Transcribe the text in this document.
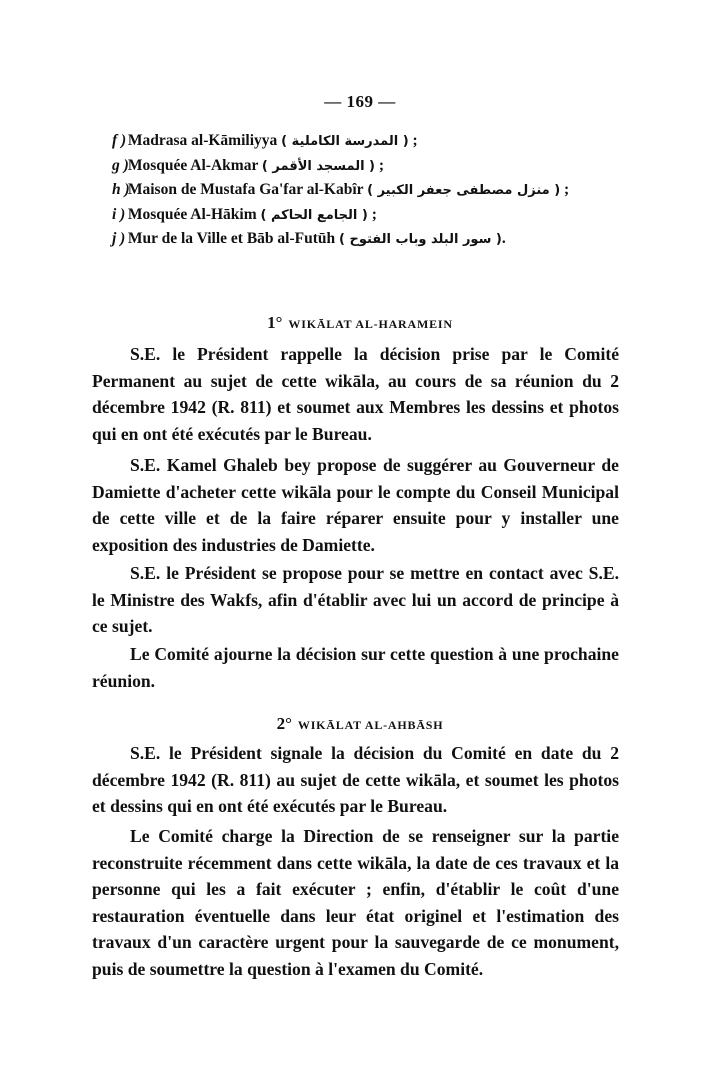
— 169 —
f ) Madrasa al-Kāmiliyya ( المدرسة الكاملية ) ;
g ) Mosquée Al-Akmar ( المسجد الأقمر ) ;
h ) Maison de Mustafa Ga'far al-Kabîr ( منزل مصطفى جعفر الكبير ) ;
i ) Mosquée Al-Hākim ( الجامع الحاكم ) ;
j ) Mur de la Ville et Bāb al-Futūh ( سور البلد وباب الفتوح ).
1° WIKĀLAT AL-HARAMEIN
S.E. le Président rappelle la décision prise par le Comité Permanent au sujet de cette wikāla, au cours de sa réunion du 2 décembre 1942 (R. 811) et soumet aux Membres les dessins et photos qui en ont été exécutés par le Bureau.
S.E. Kamel Ghaleb bey propose de suggérer au Gouverneur de Damiette d'acheter cette wikāla pour le compte du Conseil Municipal de cette ville et de la faire réparer ensuite pour y installer une exposition des industries de Damiette.
S.E. le Président se propose pour se mettre en contact avec S.E. le Ministre des Wakfs, afin d'établir avec lui un accord de principe à ce sujet.
Le Comité ajourne la décision sur cette question à une prochaine réunion.
2° WIKĀLAT AL-AHBĀSH
S.E. le Président signale la décision du Comité en date du 2 décembre 1942 (R. 811) au sujet de cette wikāla, et soumet les photos et dessins qui en ont été exécutés par le Bureau.
Le Comité charge la Direction de se renseigner sur la partie reconstruite récemment dans cette wikāla, la date de ces travaux et la personne qui les a fait exécuter ; enfin, d'établir le coût d'une restauration éventuelle dans leur état originel et l'estimation des travaux d'un caractère urgent pour la sauvegarde de ce monument, puis de soumettre la question à l'examen du Comité.
